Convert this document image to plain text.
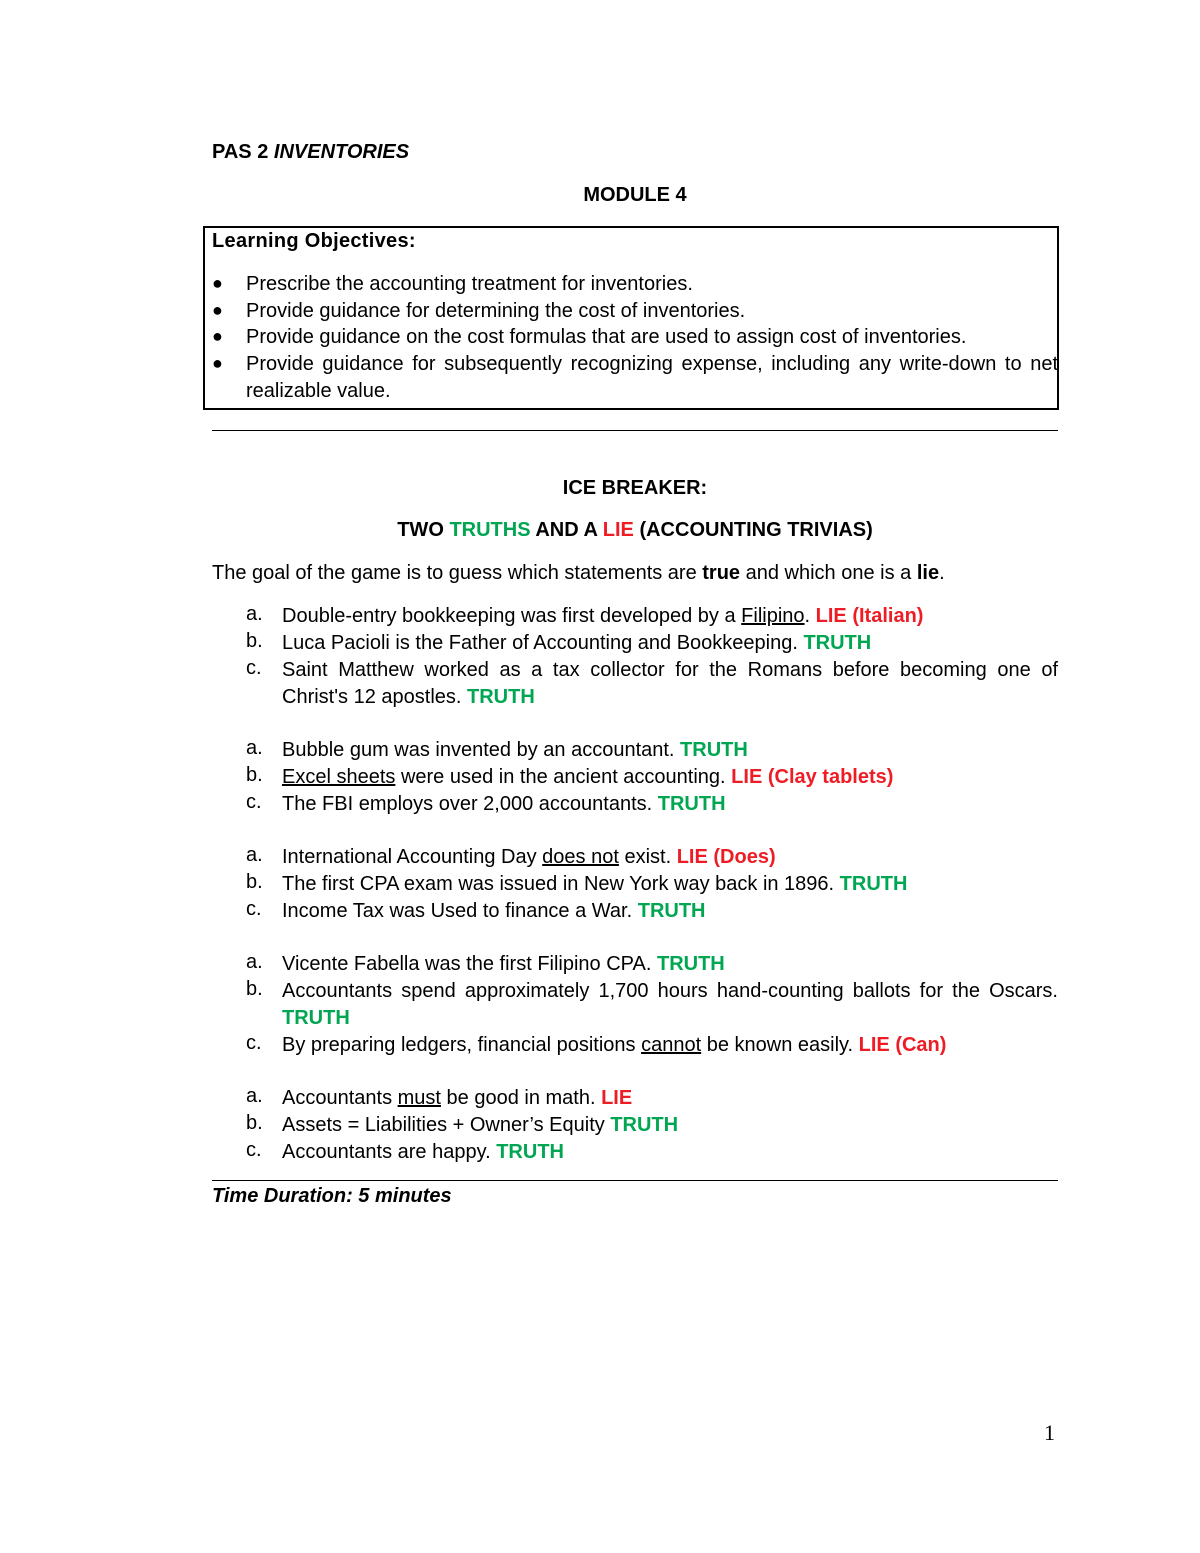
PAS 2 INVENTORIES
MODULE 4
Learning Objectives:
● Prescribe the accounting treatment for inventories.
● Provide guidance for determining the cost of inventories.
● Provide guidance on the cost formulas that are used to assign cost of inventories.
● Provide guidance for subsequently recognizing expense, including any write-down to net realizable value.
ICE BREAKER:
TWO TRUTHS AND A LIE (ACCOUNTING TRIVIAS)
The goal of the game is to guess which statements are true and which one is a lie.
a. Double-entry bookkeeping was first developed by a Filipino. LIE (Italian)
b. Luca Pacioli is the Father of Accounting and Bookkeeping. TRUTH
c. Saint Matthew worked as a tax collector for the Romans before becoming one of Christ's 12 apostles. TRUTH
a. Bubble gum was invented by an accountant. TRUTH
b. Excel sheets were used in the ancient accounting. LIE (Clay tablets)
c. The FBI employs over 2,000 accountants. TRUTH
a. International Accounting Day does not exist. LIE (Does)
b. The first CPA exam was issued in New York way back in 1896. TRUTH
c. Income Tax was Used to finance a War. TRUTH
a. Vicente Fabella was the first Filipino CPA. TRUTH
b. Accountants spend approximately 1,700 hours hand-counting ballots for the Oscars. TRUTH
c. By preparing ledgers, financial positions cannot be known easily. LIE (Can)
a. Accountants must be good in math. LIE
b. Assets = Liabilities + Owner’s Equity TRUTH
c. Accountants are happy. TRUTH
Time Duration: 5 minutes
1
